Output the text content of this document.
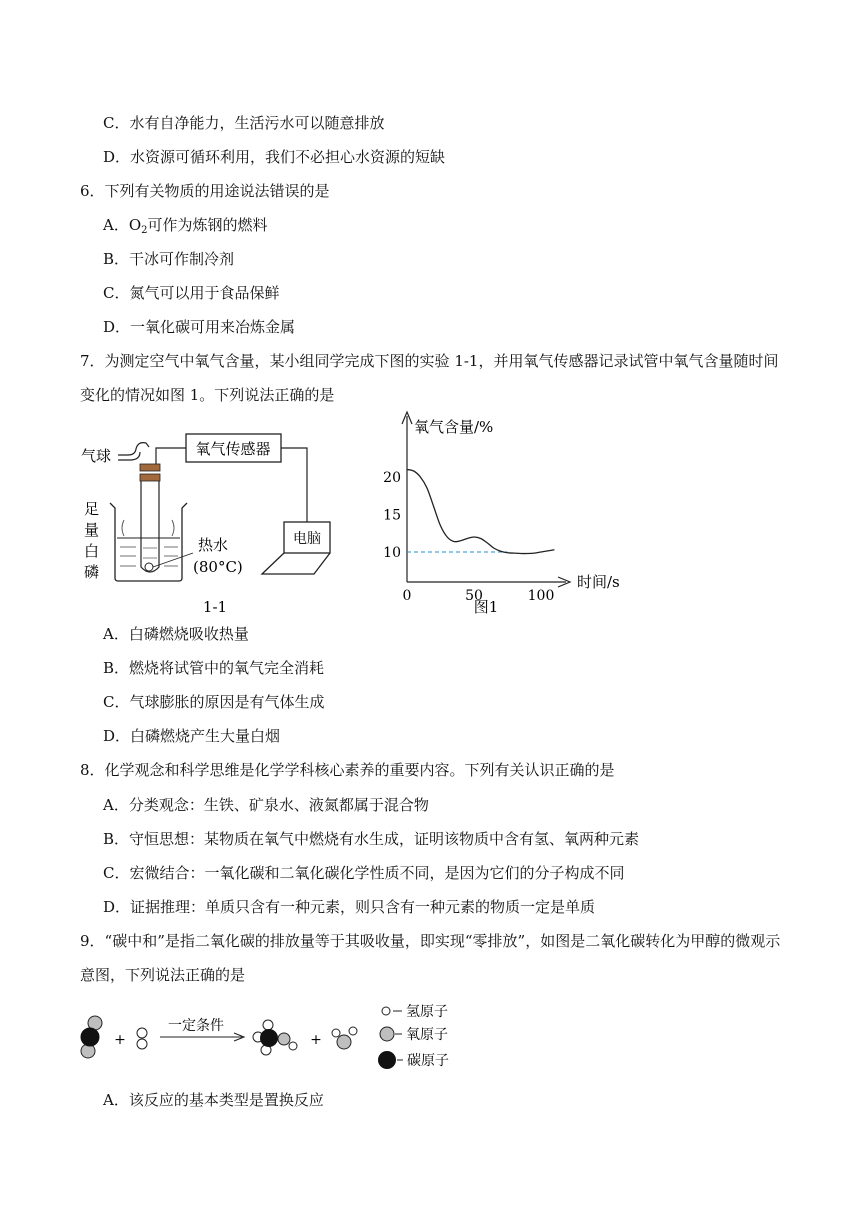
C．水有自净能力，生活污水可以随意排放
D．水资源可循环利用，我们不必担心水资源的短缺
6．下列有关物质的用途说法错误的是
A．$O_2$可作为炼钢的燃料
B．干冰可作制冷剂
C．氮气可以用于食品保鲜
D．一氧化碳可用来冶炼金属
7．为测定空气中氧气含量，某小组同学完成下图的实验 1-1，并用氧气传感器记录试管中氧气含量随时间
变化的情况如图 1。下列说法正确的是
氧气传感器
电脑
气球
足
量
白
磷
热水
(80°C)
1-1
氧气含量/%
时间/s
图1
10
15
20
0	50	100
A．白磷燃烧吸收热量
B．燃烧将试管中的氧气完全消耗
C．气球膨胀的原因是有气体生成
D．白磷燃烧产生大量白烟
8．化学观念和科学思维是化学学科核心素养的重要内容。下列有关认识正确的是
A．分类观念：生铁、矿泉水、液氮都属于混合物
B．守恒思想：某物质在氧气中燃烧有水生成，证明该物质中含有氢、氧两种元素
C．宏微结合：一氧化碳和二氧化碳化学性质不同，是因为它们的分子构成不同
D．证据推理：单质只含有一种元素，则只含有一种元素的物质一定是单质
9．“碳中和”是指二氧化碳的排放量等于其吸收量，即实现“零排放”，如图是二氧化碳转化为甲醇的微观示
意图，下列说法正确的是
+
一定条件
+
氢原子
氧原子
碳原子
A．该反应的基本类型是置换反应
